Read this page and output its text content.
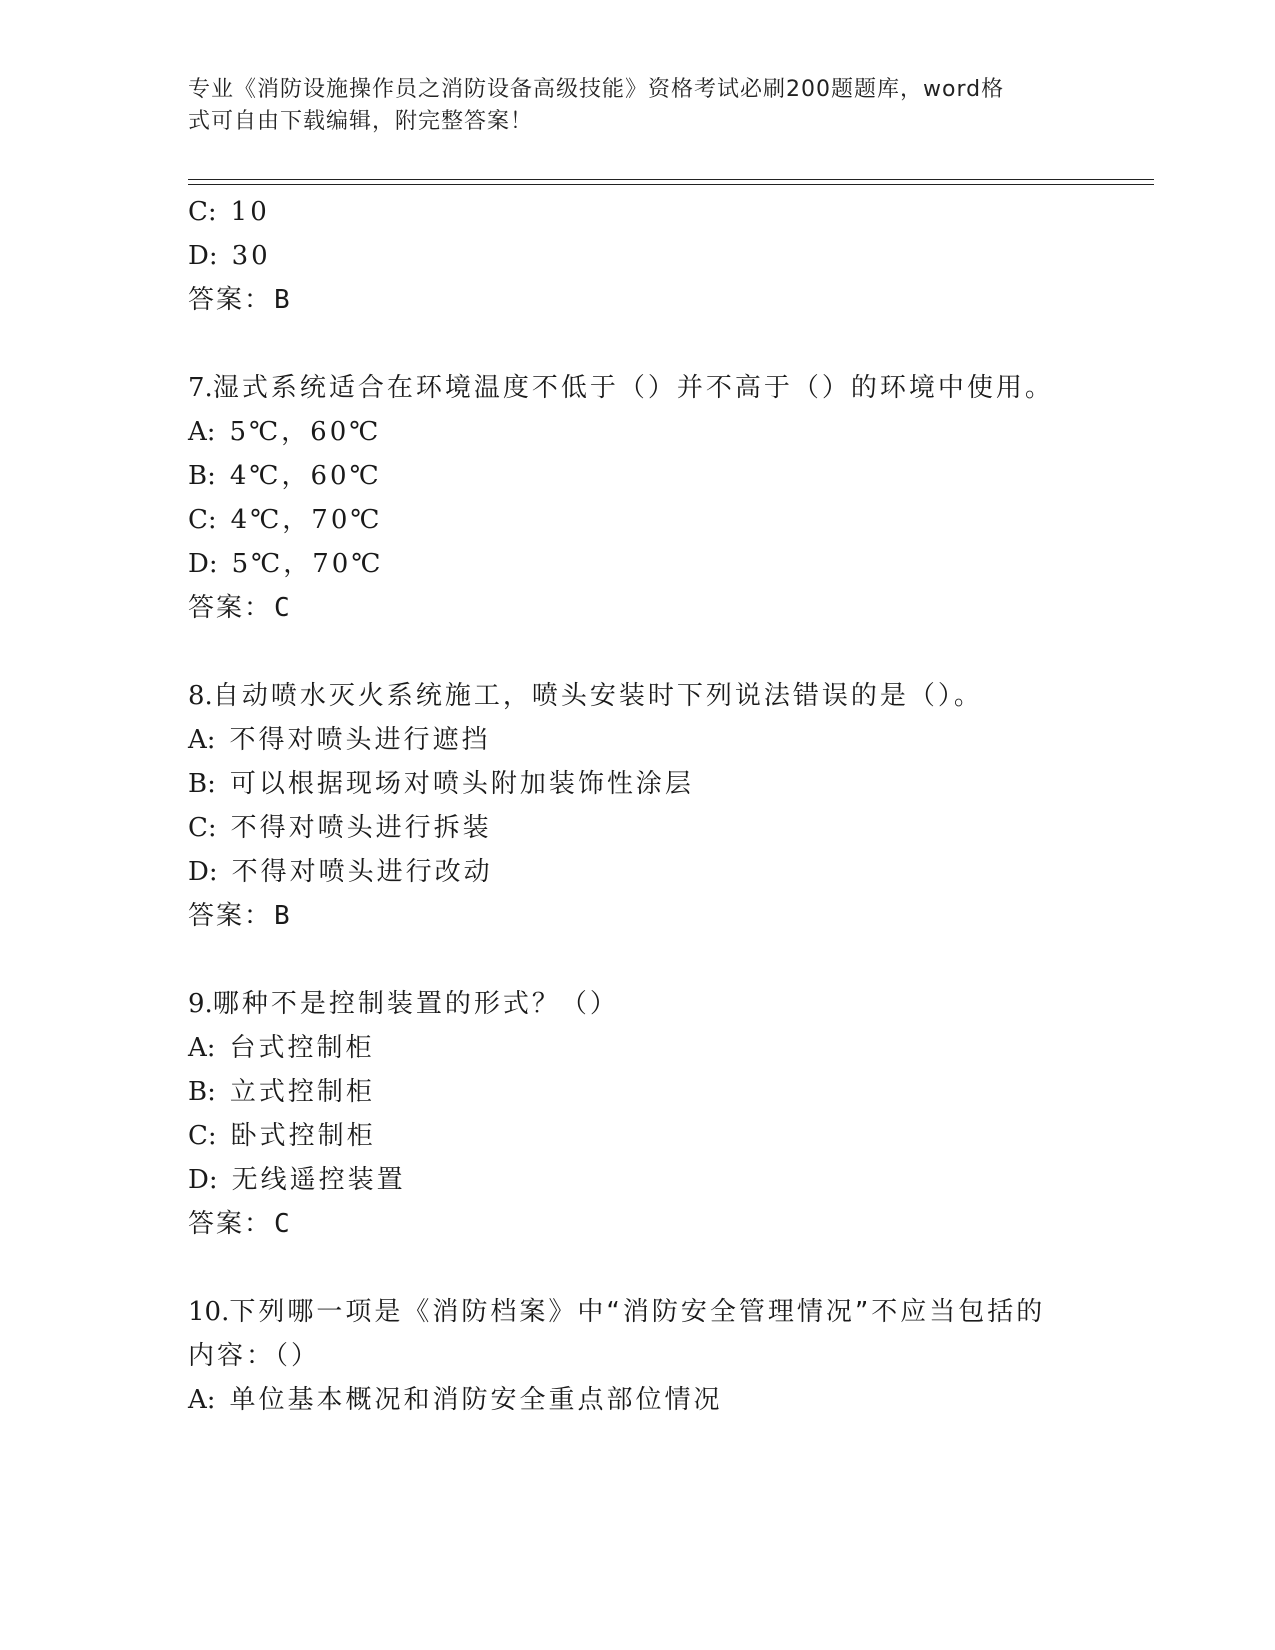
专业《消防设施操作员之消防设备高级技能》资格考试必刷200题题库，word格
式可自由下载编辑，附完整答案！
C: 10
D: 30
答案：B
7.湿式系统适合在环境温度不低于（）并不高于（）的环境中使用。
A: 5℃，60℃
B: 4℃，60℃
C: 4℃，70℃
D: 5℃，70℃
答案：C
8.自动喷水灭火系统施工，喷头安装时下列说法错误的是（）。
A: 不得对喷头进行遮挡
B: 可以根据现场对喷头附加装饰性涂层
C: 不得对喷头进行拆装
D: 不得对喷头进行改动
答案：B
9.哪种不是控制装置的形式？（）
A: 台式控制柜
B: 立式控制柜
C: 卧式控制柜
D: 无线遥控装置
答案：C
10.下列哪一项是《消防档案》中“消防安全管理情况”不应当包括的
内容：（）
A: 单位基本概况和消防安全重点部位情况
